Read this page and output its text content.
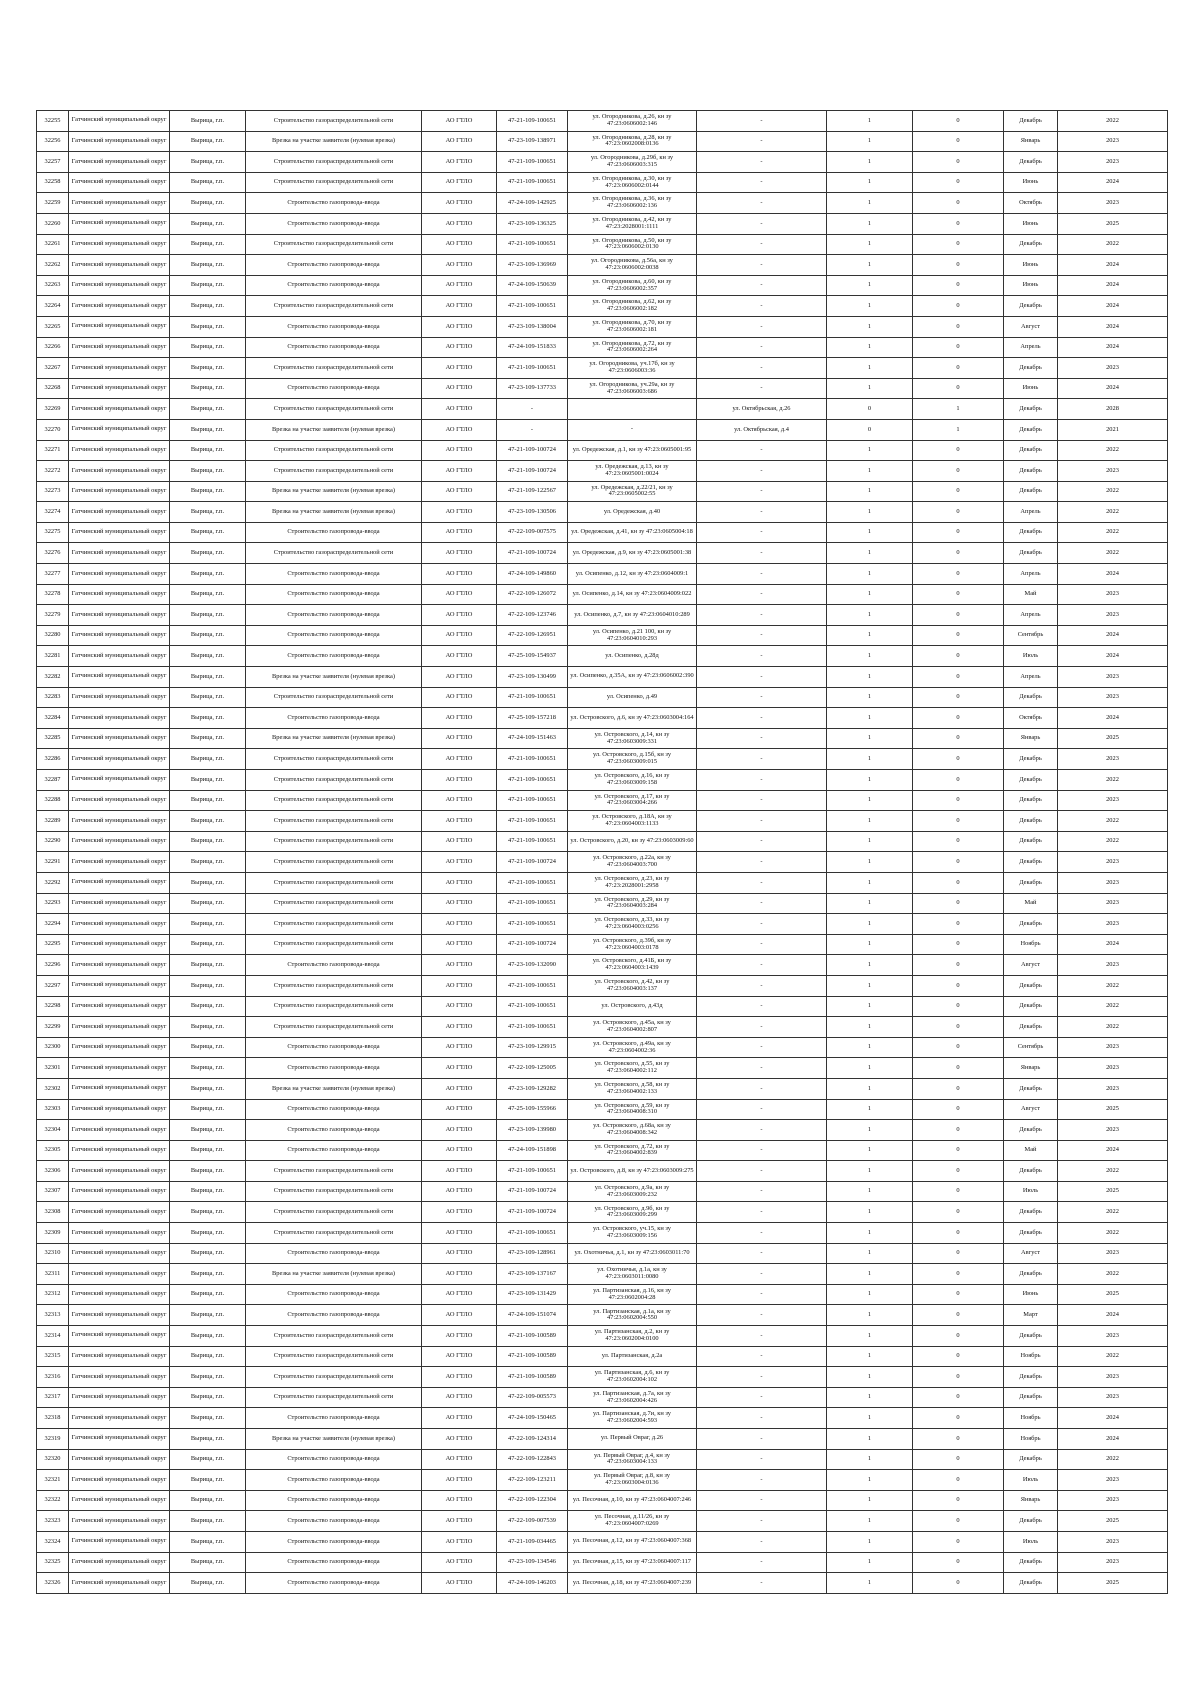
32255	Гатчинский муниципальный округ	Вырица, г.п.	Строительство газораспределительной сети	АО ГТЛО	47-21-109-100651	ул. Огородникова, д.26, кн зу 47:23:0606002:146	-	1	0	Декабрь	2022
32256	Гатчинский муниципальный округ	Вырица, г.п.	Врезка на участке заявителя (нулевая врезка)	АО ГТЛО	47-23-109-138971	ул. Огородникова, д.28, кн зу 47:23:0602008:0136	-	1	0	Январь	2023
32257	Гатчинский муниципальный округ	Вырица, г.п.	Строительство газораспределительной сети	АО ГТЛО	47-21-109-100651	ул. Огородникова, д.29б, кн зу 47:23:0606003:315	-	1	0	Декабрь	2023
32258	Гатчинский муниципальный округ	Вырица, г.п.	Строительство газораспределительной сети	АО ГТЛО	47-21-109-100651	ул. Огородникова, д.30, кн зу 47:23:0606002:0144	-	1	0	Июнь	2024
32259	Гатчинский муниципальный округ	Вырица, г.п.	Строительство газопровода-ввода	АО ГТЛО	47-24-109-142925	ул. Огородникова, д.36, кн зу 47:23:0606002:136	-	1	0	Октябрь	2023
32260	Гатчинский муниципальный округ	Вырица, г.п.	Строительство газопровода-ввода	АО ГТЛО	47-23-109-136325	ул. Огородникова, д.42, кн зу 47:23:2028001:1111	-	1	0	Июнь	2025
32261	Гатчинский муниципальный округ	Вырица, г.п.	Строительство газораспределительной сети	АО ГТЛО	47-21-109-100651	ул. Огородникова, д.50, кн зу 47:23:0606002:0130	-	1	0	Декабрь	2022
32262	Гатчинский муниципальный округ	Вырица, г.п.	Строительство газопровода-ввода	АО ГТЛО	47-23-109-136969	ул. Огородникова, д.56а, кн зу 47:23:0606002:0038	-	1	0	Июнь	2024
32263	Гатчинский муниципальный округ	Вырица, г.п.	Строительство газопровода-ввода	АО ГТЛО	47-24-109-150639	ул. Огородникова, д.60, кн зу 47:23:0606002:357	-	1	0	Июнь	2024
32264	Гатчинский муниципальный округ	Вырица, г.п.	Строительство газораспределительной сети	АО ГТЛО	47-21-109-100651	ул. Огородникова, д.62, кн зу 47:23:0606002:182	-	1	0	Декабрь	2024
32265	Гатчинский муниципальный округ	Вырица, г.п.	Строительство газопровода-ввода	АО ГТЛО	47-23-109-138004	ул. Огородникова, д.70, кн зу 47:23:0606002:181	-	1	0	Август	2024
32266	Гатчинский муниципальный округ	Вырица, г.п.	Строительство газопровода-ввода	АО ГТЛО	47-24-109-151833	ул. Огородникова, д.72, кн зу 47:23:0606002:264	-	1	0	Апрель	2024
32267	Гатчинский муниципальный округ	Вырица, г.п.	Строительство газораспределительной сети	АО ГТЛО	47-21-109-100651	ул. Огородникова, уч.17б, кн зу 47:23:0606003:36	-	1	0	Декабрь	2023
32268	Гатчинский муниципальный округ	Вырица, г.п.	Строительство газопровода-ввода	АО ГТЛО	47-23-109-137733	ул. Огородникова, уч.29а, кн зу 47:23:0606003:686	-	1	0	Июнь	2024
32269	Гатчинский муниципальный округ	Вырица, г.п.	Строительство газораспределительной сети	АО ГТЛО	-		ул. Октябрьская, д.26	0	1	Декабрь	2028
32270	Гатчинский муниципальный округ	Вырица, г.п.	Врезка на участке заявителя (нулевая врезка)	АО ГТЛО	-	-	ул. Октябрьская, д.4	0	1	Декабрь	2021
32271	Гатчинский муниципальный округ	Вырица, г.п.	Строительство газораспределительной сети	АО ГТЛО	47-21-109-100724	ул. Оредежская, д.1, кн зу 47:23:0605001:95	-	1	0	Декабрь	2022
32272	Гатчинский муниципальный округ	Вырица, г.п.	Строительство газораспределительной сети	АО ГТЛО	47-21-109-100724	ул. Оредежская, д.13, кн зу 47:23:0605001:0024	-	1	0	Декабрь	2023
32273	Гатчинский муниципальный округ	Вырица, г.п.	Врезка на участке заявителя (нулевая врезка)	АО ГТЛО	47-21-109-122567	ул. Оредежская, д.22/21, кн зу 47:23:0605002:55	-	1	0	Декабрь	2022
32274	Гатчинский муниципальный округ	Вырица, г.п.	Врезка на участке заявителя (нулевая врезка)	АО ГТЛО	47-23-109-130506	ул. Оредежская, д.40	-	1	0	Апрель	2022
32275	Гатчинский муниципальный округ	Вырица, г.п.	Строительство газопровода-ввода	АО ГТЛО	47-22-109-007575	ул. Оредежская, д.41, кн зу 47:23:0605004:18	-	1	0	Декабрь	2022
32276	Гатчинский муниципальный округ	Вырица, г.п.	Строительство газораспределительной сети	АО ГТЛО	47-21-109-100724	ул. Оредежская, д.9, кн зу 47:23:0605001:38	-	1	0	Декабрь	2022
32277	Гатчинский муниципальный округ	Вырица, г.п.	Строительство газопровода-ввода	АО ГТЛО	47-24-109-149860	ул. Осипенко, д.12, кн зу 47:23:0604009:1	-	1	0	Апрель	2024
32278	Гатчинский муниципальный округ	Вырица, г.п.	Строительство газопровода-ввода	АО ГТЛО	47-22-109-126072	ул. Осипенко, д.14, кн зу 47:23:0604009:022	-	1	0	Май	2023
32279	Гатчинский муниципальный округ	Вырица, г.п.	Строительство газопровода-ввода	АО ГТЛО	47-22-109-123746	ул. Осипенко, д.7, кн зу 47:23:0604010:289	-	1	0	Апрель	2023
32280	Гатчинский муниципальный округ	Вырица, г.п.	Строительство газопровода-ввода	АО ГТЛО	47-22-109-126951	ул. Осипенко, д.21 100, кн зу 47:23:0604010:293	-	1	0	Сентябрь	2024
32281	Гатчинский муниципальный округ	Вырица, г.п.	Строительство газопровода-ввода	АО ГТЛО	47-25-109-154937	ул. Осипенко, д.28д	-	1	0	Июль	2024
32282	Гатчинский муниципальный округ	Вырица, г.п.	Врезка на участке заявителя (нулевая врезка)	АО ГТЛО	47-23-109-130499	ул. Осипенко, д.35А, кн зу 47:23:0606002:390	-	1	0	Апрель	2023
32283	Гатчинский муниципальный округ	Вырица, г.п.	Строительство газораспределительной сети	АО ГТЛО	47-21-109-100651	ул. Осипенко, д.49	-	1	0	Декабрь	2023
32284	Гатчинский муниципальный округ	Вырица, г.п.	Строительство газопровода-ввода	АО ГТЛО	47-25-109-157218	ул. Островского, д.6, кн зу 47:23:0603004:164	-	1	0	Октябрь	2024
32285	Гатчинский муниципальный округ	Вырица, г.п.	Врезка на участке заявителя (нулевая врезка)	АО ГТЛО	47-24-109-151463	ул. Островского, д.14, кн зу 47:23:0603009:331	-	1	0	Январь	2025
32286	Гатчинский муниципальный округ	Вырица, г.п.	Строительство газораспределительной сети	АО ГТЛО	47-21-109-100651	ул. Островского, д.15б, кн зу 47:23:0603009:015	-	1	0	Декабрь	2023
32287	Гатчинский муниципальный округ	Вырица, г.п.	Строительство газораспределительной сети	АО ГТЛО	47-21-109-100651	ул. Островского, д.16, кн зу 47:23:0603009:158	-	1	0	Декабрь	2022
32288	Гатчинский муниципальный округ	Вырица, г.п.	Строительство газораспределительной сети	АО ГТЛО	47-21-109-100651	ул. Островского, д.17, кн зу 47:23:0603004:266	-	1	0	Декабрь	2023
32289	Гатчинский муниципальный округ	Вырица, г.п.	Строительство газораспределительной сети	АО ГТЛО	47-21-109-100651	ул. Островского, д.18А, кн зу 47:23:0604003:1133	-	1	0	Декабрь	2022
32290	Гатчинский муниципальный округ	Вырица, г.п.	Строительство газораспределительной сети	АО ГТЛО	47-21-109-100651	ул. Островского, д.20, кн зу 47:23:0603009:60	-	1	0	Декабрь	2022
32291	Гатчинский муниципальный округ	Вырица, г.п.	Строительство газораспределительной сети	АО ГТЛО	47-21-109-100724	ул. Островского, д.22а, кн зу 47:23:0604003:700	-	1	0	Декабрь	2023
32292	Гатчинский муниципальный округ	Вырица, г.п.	Строительство газораспределительной сети	АО ГТЛО	47-21-109-100651	ул. Островского, д.23, кн зу 47:23:2028001:2958	-	1	0	Декабрь	2023
32293	Гатчинский муниципальный округ	Вырица, г.п.	Строительство газораспределительной сети	АО ГТЛО	47-21-109-100651	ул. Островского, д.29, кн зу 47:23:0604003:284	-	1	0	Май	2023
32294	Гатчинский муниципальный округ	Вырица, г.п.	Строительство газораспределительной сети	АО ГТЛО	47-21-109-100651	ул. Островского, д.33, кн зу 47:23:0604003:0256	-	1	0	Декабрь	2023
32295	Гатчинский муниципальный округ	Вырица, г.п.	Строительство газораспределительной сети	АО ГТЛО	47-21-109-100724	ул. Островского, д.39б, кн зу 47:23:0604003:0178	-	1	0	Ноябрь	2024
32296	Гатчинский муниципальный округ	Вырица, г.п.	Строительство газопровода-ввода	АО ГТЛО	47-23-109-132090	ул. Островского, д.41Б, кн зу 47:23:0604003:1439	-	1	0	Август	2023
32297	Гатчинский муниципальный округ	Вырица, г.п.	Строительство газораспределительной сети	АО ГТЛО	47-21-109-100651	ул. Островского, д.42, кн зу 47:23:0604003:137	-	1	0	Декабрь	2022
32298	Гатчинский муниципальный округ	Вырица, г.п.	Строительство газораспределительной сети	АО ГТЛО	47-21-109-100651	ул. Островского, д.43д	-	1	0	Декабрь	2022
32299	Гатчинский муниципальный округ	Вырица, г.п.	Строительство газораспределительной сети	АО ГТЛО	47-21-109-100651	ул. Островского, д.45а, кн зу 47:23:0604002:807	-	1	0	Декабрь	2022
32300	Гатчинский муниципальный округ	Вырица, г.п.	Строительство газопровода-ввода	АО ГТЛО	47-23-109-129915	ул. Островского, д.49а, кн зу 47:23:0604002:36	-	1	0	Сентябрь	2023
32301	Гатчинский муниципальный округ	Вырица, г.п.	Строительство газопровода-ввода	АО ГТЛО	47-22-109-125005	ул. Островского, д.55, кн зу 47:23:0604002:112	-	1	0	Январь	2023
32302	Гатчинский муниципальный округ	Вырица, г.п.	Врезка на участке заявителя (нулевая врезка)	АО ГТЛО	47-23-109-129282	ул. Островского, д.58, кн зу 47:23:0604002:133	-	1	0	Декабрь	2023
32303	Гатчинский муниципальный округ	Вырица, г.п.	Строительство газопровода-ввода	АО ГТЛО	47-25-109-155966	ул. Островского, д.59, кн зу 47:23:0604008:310	-	1	0	Август	2025
32304	Гатчинский муниципальный округ	Вырица, г.п.	Строительство газопровода-ввода	АО ГТЛО	47-23-109-139980	ул. Островского, д.68а, кн зу 47:23:0604008:342	-	1	0	Декабрь	2023
32305	Гатчинский муниципальный округ	Вырица, г.п.	Строительство газопровода-ввода	АО ГТЛО	47-24-109-151898	ул. Островского, д.72, кн зу 47:23:0604002:839	-	1	0	Май	2024
32306	Гатчинский муниципальный округ	Вырица, г.п.	Строительство газораспределительной сети	АО ГТЛО	47-21-109-100651	ул. Островского, д.8, кн зу 47:23:0603009:275	-	1	0	Декабрь	2022
32307	Гатчинский муниципальный округ	Вырица, г.п.	Строительство газораспределительной сети	АО ГТЛО	47-21-109-100724	ул. Островского, д.9а, кн зу 47:23:0603009:232	-	1	0	Июль	2025
32308	Гатчинский муниципальный округ	Вырица, г.п.	Строительство газораспределительной сети	АО ГТЛО	47-21-109-100724	ул. Островского, д.9б, кн зу 47:23:0603009:299	-	1	0	Декабрь	2022
32309	Гатчинский муниципальный округ	Вырица, г.п.	Строительство газораспределительной сети	АО ГТЛО	47-21-109-100651	ул. Островского, уч.15, кн зу 47:23:0603009:156	-	1	0	Декабрь	2022
32310	Гатчинский муниципальный округ	Вырица, г.п.	Строительство газопровода-ввода	АО ГТЛО	47-23-109-128961	ул. Охотничья, д.1, кн зу 47:23:0603011:70	-	1	0	Август	2023
32311	Гатчинский муниципальный округ	Вырица, г.п.	Врезка на участке заявителя (нулевая врезка)	АО ГТЛО	47-23-109-137167	ул. Охотничья, д.1а, кн зу 47:23:0603011:0080	-	1	0	Декабрь	2022
32312	Гатчинский муниципальный округ	Вырица, г.п.	Строительство газопровода-ввода	АО ГТЛО	47-23-109-131429	ул. Партизанская, д.16, кн зу 47:23:0602004:28	-	1	0	Июнь	2025
32313	Гатчинский муниципальный округ	Вырица, г.п.	Строительство газопровода-ввода	АО ГТЛО	47-24-109-151074	ул. Партизанская, д.1а, кн зу 47:23:0602004:550	-	1	0	Март	2024
32314	Гатчинский муниципальный округ	Вырица, г.п.	Строительство газораспределительной сети	АО ГТЛО	47-21-109-100589	ул. Партизанская, д.2, кн зу 47:23:0602004:0100	-	1	0	Декабрь	2023
32315	Гатчинский муниципальный округ	Вырица, г.п.	Строительство газораспределительной сети	АО ГТЛО	47-21-109-100589	ул. Партизанская, д.2а	-	1	0	Ноябрь	2022
32316	Гатчинский муниципальный округ	Вырица, г.п.	Строительство газораспределительной сети	АО ГТЛО	47-21-109-100589	ул. Партизанская, д.6, кн зу 47:23:0602004:102	-	1	0	Декабрь	2023
32317	Гатчинский муниципальный округ	Вырица, г.п.	Строительство газораспределительной сети	АО ГТЛО	47-22-109-005573	ул. Партизанская, д.7а, кн зу 47:23:0602004:426	-	1	0	Декабрь	2023
32318	Гатчинский муниципальный округ	Вырица, г.п.	Строительство газопровода-ввода	АО ГТЛО	47-24-109-150465	ул. Партизанская, д.7и, кн зу 47:23:0602004:593	-	1	0	Ноябрь	2024
32319	Гатчинский муниципальный округ	Вырица, г.п.	Врезка на участке заявителя (нулевая врезка)	АО ГТЛО	47-22-109-124314	ул. Первый Овраг, д.26	-	1	0	Ноябрь	2024
32320	Гатчинский муниципальный округ	Вырица, г.п.	Строительство газопровода-ввода	АО ГТЛО	47-22-109-122843	ул. Первый Овраг, д.4, кн зу 47:23:0603004:133	-	1	0	Декабрь	2022
32321	Гатчинский муниципальный округ	Вырица, г.п.	Строительство газопровода-ввода	АО ГТЛО	47-22-109-123211	ул. Первый Овраг, д.8, кн зу 47:23:0603004:0136	-	1	0	Июль	2023
32322	Гатчинский муниципальный округ	Вырица, г.п.	Строительство газопровода-ввода	АО ГТЛО	47-22-109-122304	ул. Песочная, д.10, кн зу 47:23:0604007:246	-	1	0	Январь	2023
32323	Гатчинский муниципальный округ	Вырица, г.п.	Строительство газопровода-ввода	АО ГТЛО	47-22-109-007539	ул. Песочная, д.11/26, кн зу 47:23:0604007:0269	-	1	0	Декабрь	2025
32324	Гатчинский муниципальный округ	Вырица, г.п.	Строительство газопровода-ввода	АО ГТЛО	47-21-109-034465	ул. Песочная, д.12, кн зу 47:23:0604007:368	-	1	0	Июль	2023
32325	Гатчинский муниципальный округ	Вырица, г.п.	Строительство газопровода-ввода	АО ГТЛО	47-23-109-134546	ул. Песочная, д.15, кн зу 47:23:0604007:117	-	1	0	Декабрь	2023
32326	Гатчинский муниципальный округ	Вырица, г.п.	Строительство газопровода-ввода	АО ГТЛО	47-24-109-146203	ул. Песочная, д.18, кн зу 47:23:0604007:239	-	1	0	Декабрь	2025
